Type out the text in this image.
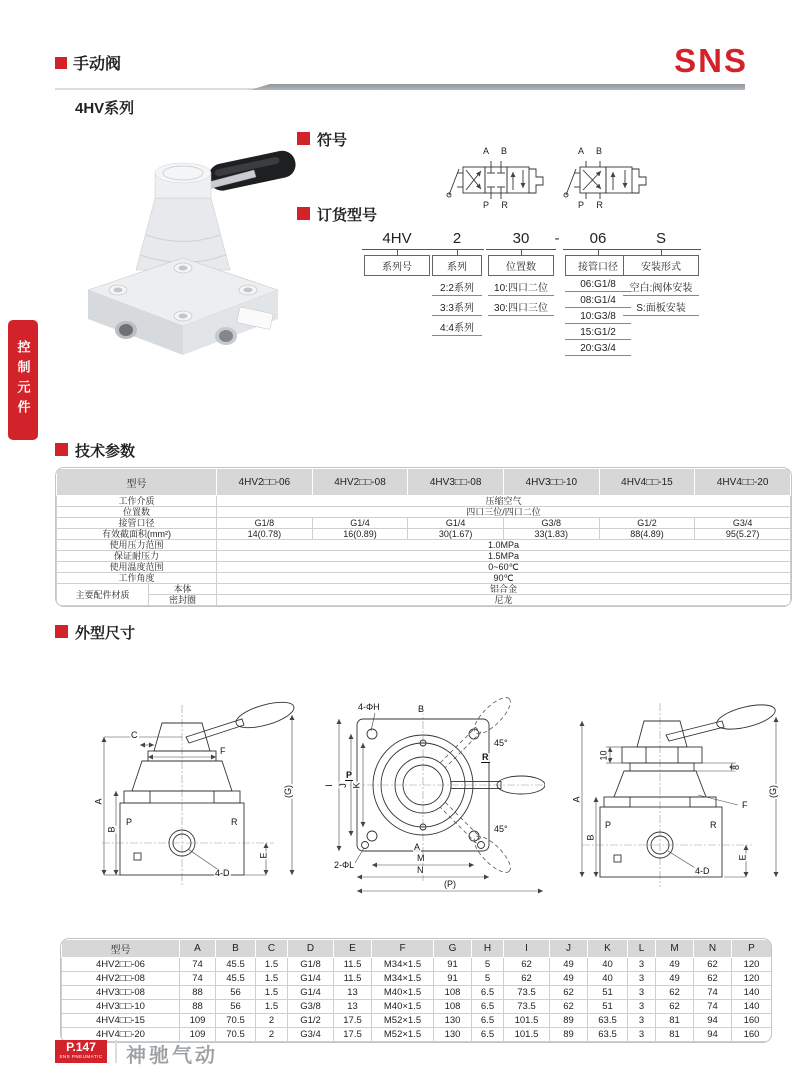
手动阀	SNS
4HV系列
控制元件
符号
A B
P R
A B
P R
订货型号
4HV
系列号
2
系列
2:2系列
3:3系列
4:4系列
30
位置数
10:四口二位
30:四口三位
-	06
接管口径
06:G1/8
08:G1/4
10:G3/8
15:G1/2
20:G3/4
S
安装形式
空白:阀体安装
S:面板安装
技术参数
型号		4HV2□□-06	4HV2□□-08	4HV3□□-08	4HV3□□-10	4HV4□□-15	4HV4□□-20
工作介质		压缩空气					
位置数		四口三位/四口二位					
接管口径		G1/8	G1/4	G1/4	G3/8	G1/2	G3/4
有效截面积(mm²)		14(0.78)	16(0.89)	30(1.67)	33(1.83)	88(4.89)	95(5.27)
使用压力范围		1.0MPa					
保证耐压力		1.5MPa					
使用温度范围		0~60℃					
工作角度		90℃					
主要配件材质	本体	铝合金					
	密封圈	尼龙					
外型尺寸
A
B
C
F
P	R
E
(G)
4-D
4-ΦH	B
45°
R
P
45°
I J K
A
2-ΦL
M
N
(P)
A
B
10
8
F
P	R
E
(G)
4-D
型号	A	B	C	D	E	F	G	H	I	J	K	L	M	N	P
4HV2□□-06	74	45.5	1.5	G1/8	11.5	M34×1.5	91	5	62	49	40	3	49	62	120
4HV2□□-08	74	45.5	1.5	G1/4	11.5	M34×1.5	91	5	62	49	40	3	49	62	120
4HV3□□-08	88	56	1.5	G1/4	13	M40×1.5	108	6.5	73.5	62	51	3	62	74	140
4HV3□□-10	88	56	1.5	G3/8	13	M40×1.5	108	6.5	73.5	62	51	3	62	74	140
4HV4□□-15	109	70.5	2	G1/2	17.5	M52×1.5	130	6.5	101.5	89	63.5	3	81	94	160
4HV4□□-20	109	70.5	2	G3/4	17.5	M52×1.5	130	6.5	101.5	89	63.5	3	81	94	160
P.147
SNS PNEUMATIC 神驰气动
